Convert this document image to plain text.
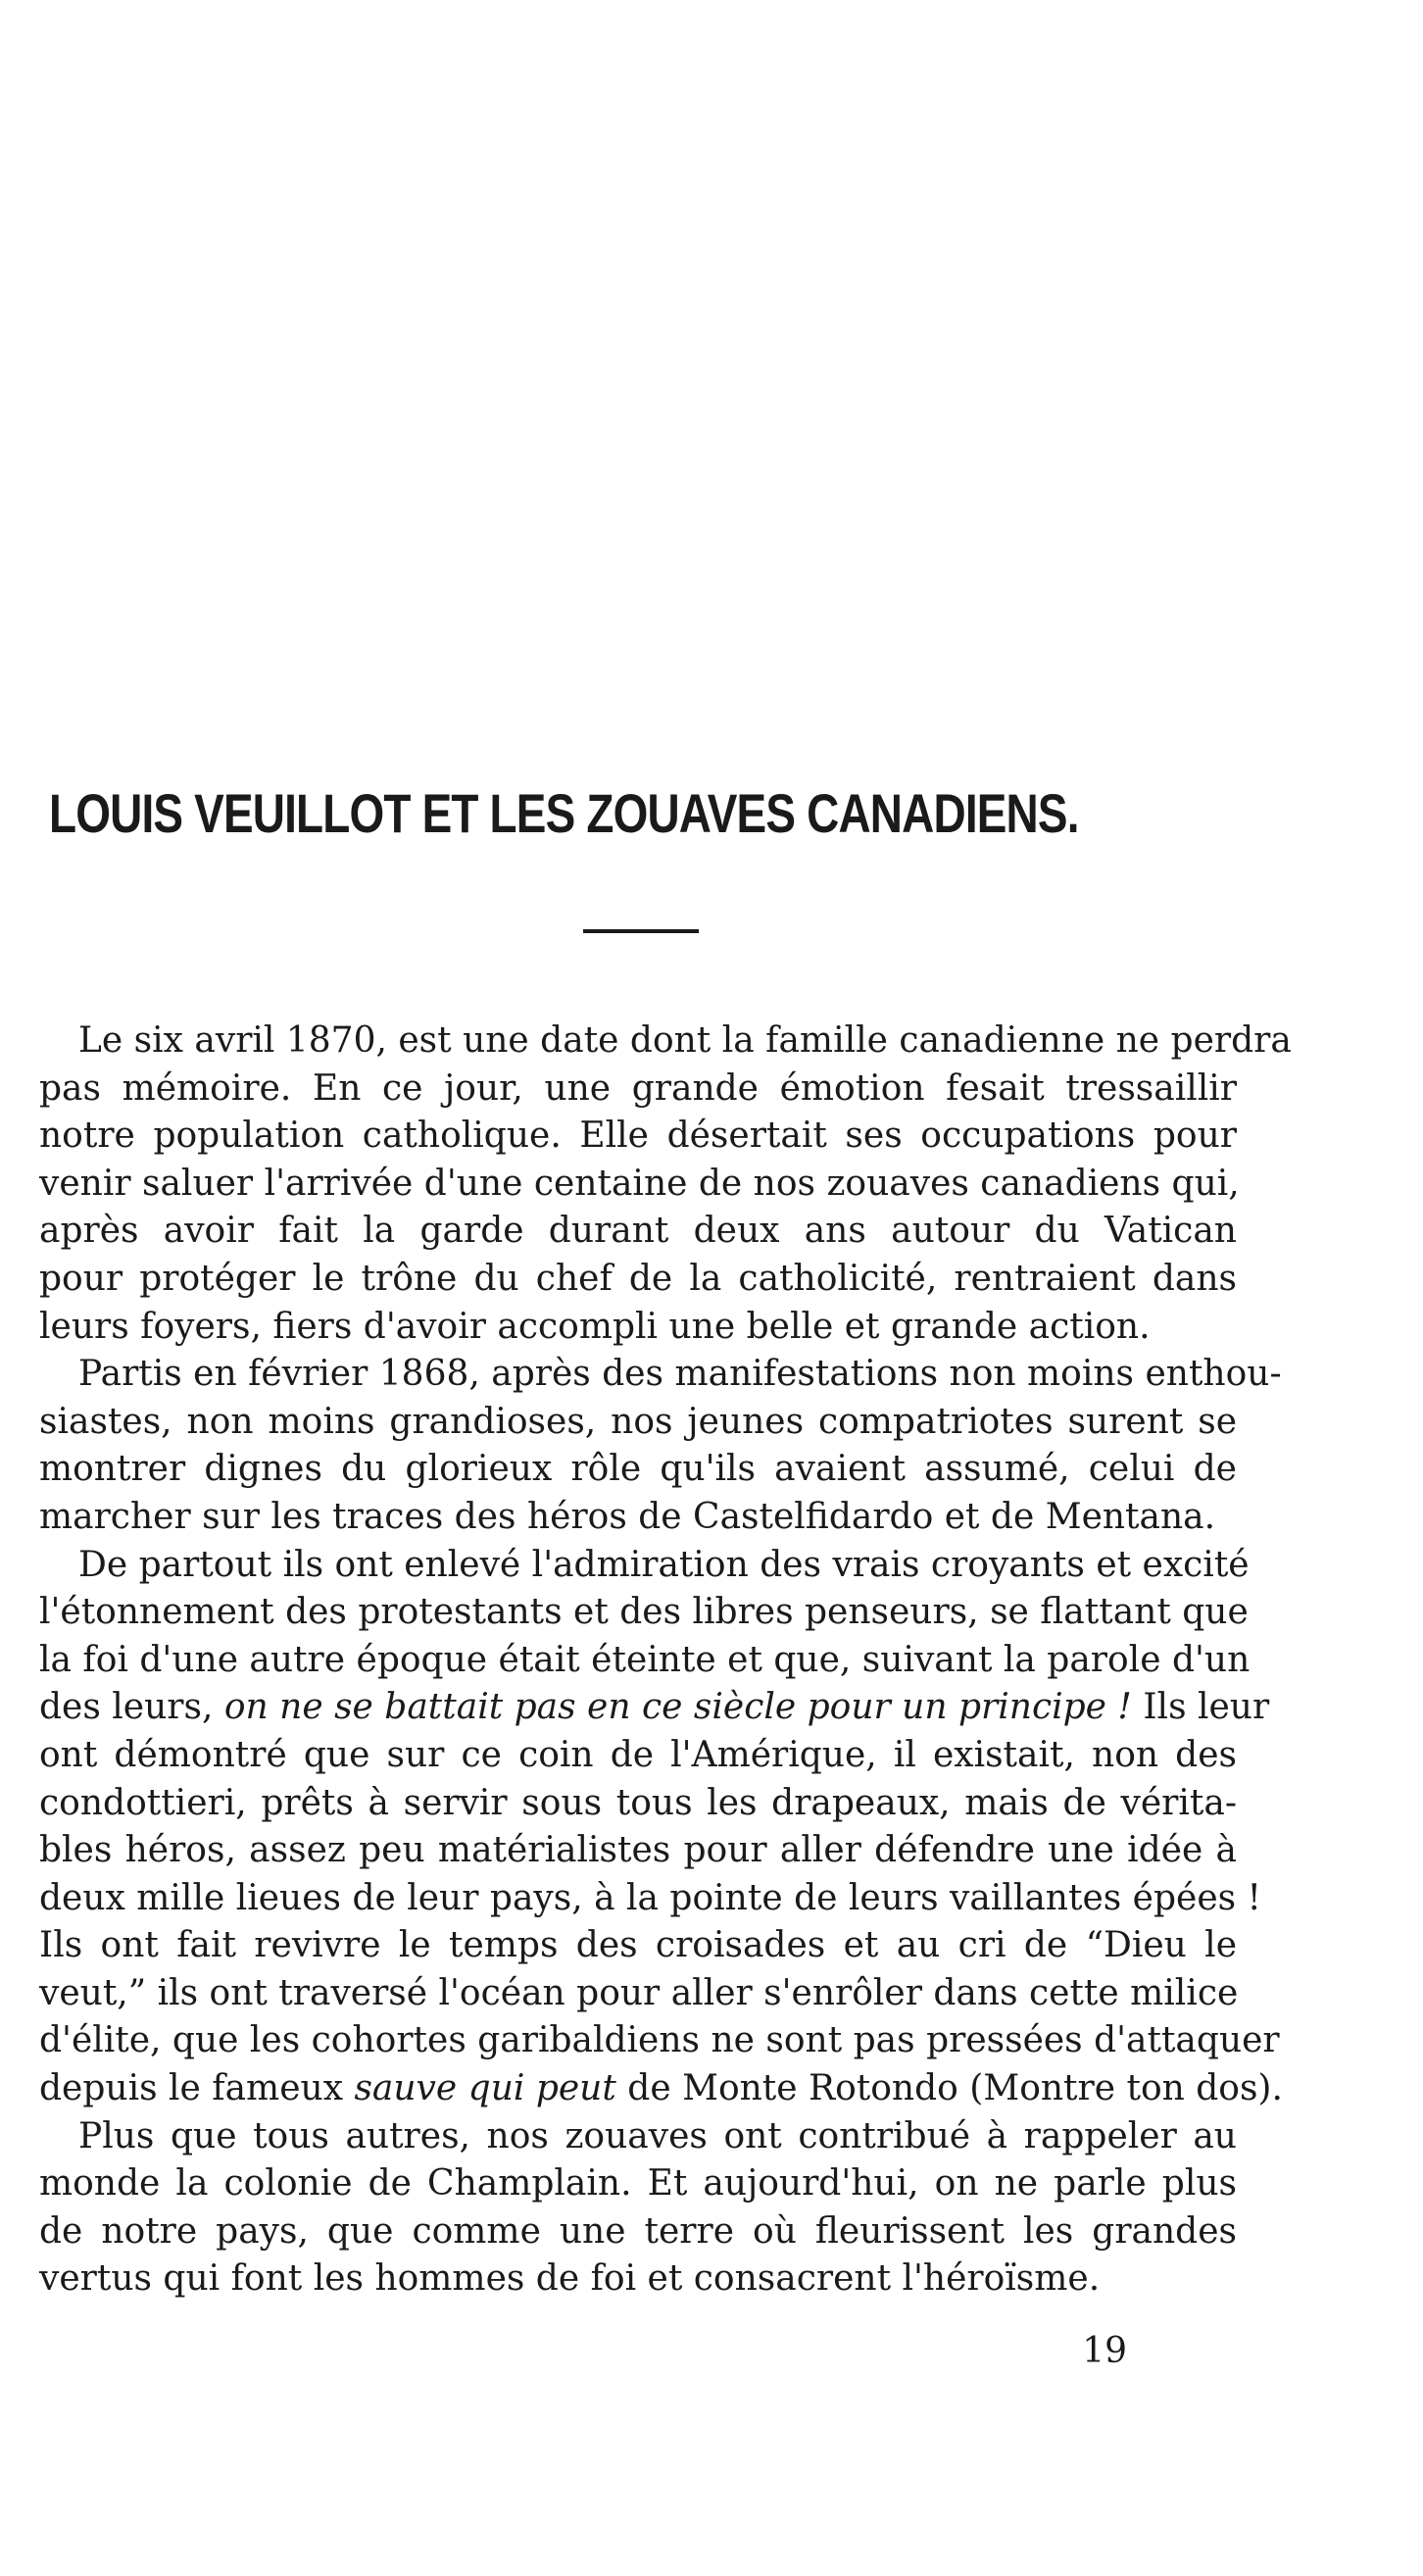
LOUIS VEUILLOT ET LES ZOUAVES CANADIENS.
Le six avril 1870, est une date dont la famille canadienne ne perdra
pas mémoire. En ce jour, une grande émotion fesait tressaillir
notre population catholique. Elle désertait ses occupations pour
venir saluer l'arrivée d'une centaine de nos zouaves canadiens qui,
après avoir fait la garde durant deux ans autour du Vatican
pour protéger le trône du chef de la catholicité, rentraient dans
leurs foyers, fiers d'avoir accompli une belle et grande action.
Partis en février 1868, après des manifestations non moins enthou-
siastes, non moins grandioses, nos jeunes compatriotes surent se
montrer dignes du glorieux rôle qu'ils avaient assumé, celui de
marcher sur les traces des héros de Castelfidardo et de Mentana.
De partout ils ont enlevé l'admiration des vrais croyants et excité
l'étonnement des protestants et des libres penseurs, se flattant que
la foi d'une autre époque était éteinte et que, suivant la parole d'un
des leurs, on ne se battait pas en ce siècle pour un principe ! Ils leur
ont démontré que sur ce coin de l'Amérique, il existait, non des
condottieri, prêts à servir sous tous les drapeaux, mais de vérita-
bles héros, assez peu matérialistes pour aller défendre une idée à
deux mille lieues de leur pays, à la pointe de leurs vaillantes épées !
Ils ont fait revivre le temps des croisades et au cri de “Dieu le
veut,” ils ont traversé l'océan pour aller s'enrôler dans cette milice
d'élite, que les cohortes garibaldiens ne sont pas pressées d'attaquer
depuis le fameux sauve qui peut de Monte Rotondo (Montre ton dos).
Plus que tous autres, nos zouaves ont contribué à rappeler au
monde la colonie de Champlain. Et aujourd'hui, on ne parle plus
de notre pays, que comme une terre où fleurissent les grandes
vertus qui font les hommes de foi et consacrent l'héroïsme.
19
